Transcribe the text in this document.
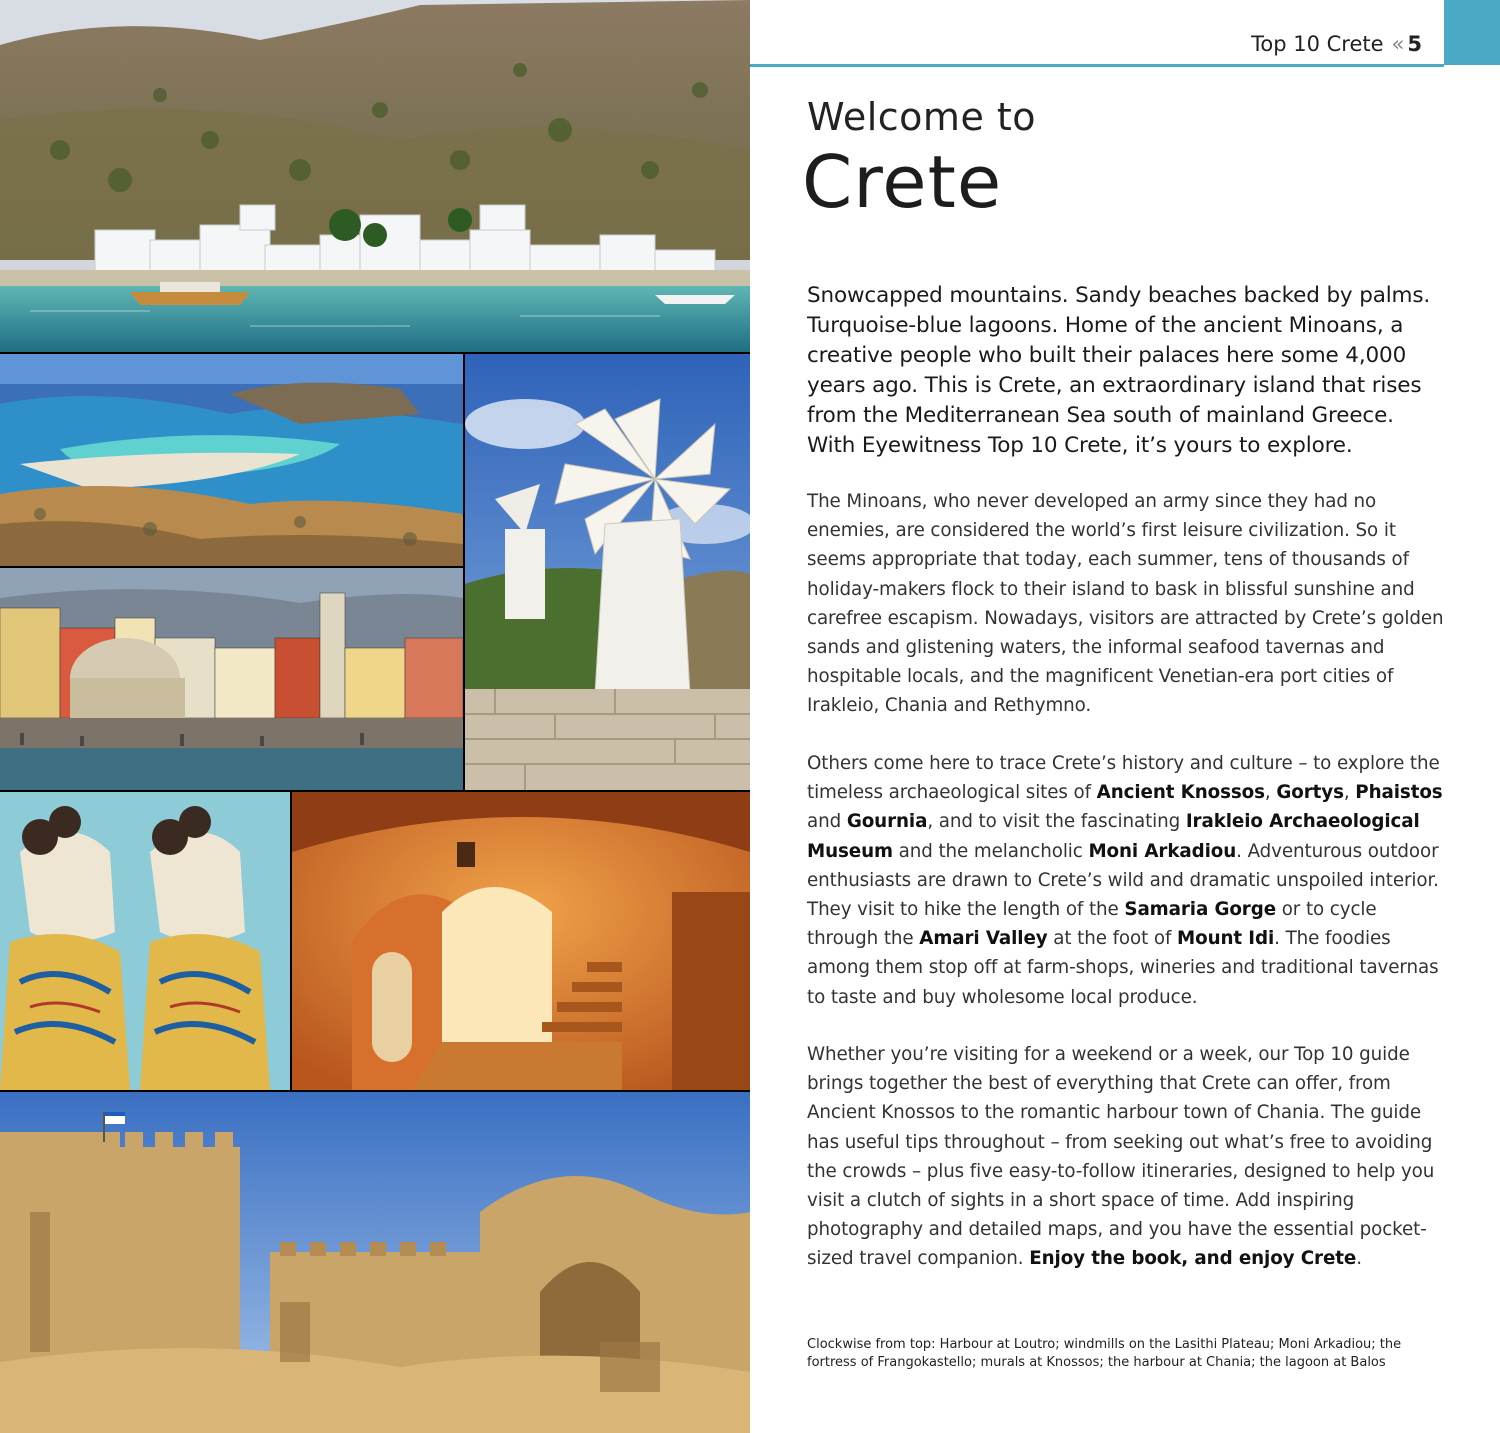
Top 10 Crete « 5
Welcome to
Crete
Snowcapped mountains. Sandy beaches backed by palms. Turquoise-blue lagoons. Home of the ancient Minoans, a creative people who built their palaces here some 4,000 years ago. This is Crete, an extraordinary island that rises from the Mediterranean Sea south of mainland Greece. With Eyewitness Top 10 Crete, it’s yours to explore.
The Minoans, who never developed an army since they had no enemies, are considered the world’s first leisure civilization. So it seems appropriate that today, each summer, tens of thousands of holiday-makers flock to their island to bask in blissful sunshine and carefree escapism. Nowadays, visitors are attracted by Crete’s golden sands and glistening waters, the informal seafood tavernas and hospitable locals, and the magnificent Venetian-era port cities of Irakleio, Chania and Rethymno.
Others come here to trace Crete’s history and culture – to explore the timeless archaeological sites of Ancient Knossos, Gortys, Phaistos and Gournia, and to visit the fascinating Irakleio Archaeological Museum and the melancholic Moni Arkadiou. Adventurous outdoor enthusiasts are drawn to Crete’s wild and dramatic unspoiled interior. They visit to hike the length of the Samaria Gorge or to cycle through the Amari Valley at the foot of Mount Idi. The foodies among them stop off at farm-shops, wineries and traditional tavernas to taste and buy wholesome local produce.
Whether you’re visiting for a weekend or a week, our Top 10 guide brings together the best of everything that Crete can offer, from Ancient Knossos to the romantic harbour town of Chania. The guide has useful tips throughout – from seeking out what’s free to avoiding the crowds – plus five easy-to-follow itineraries, designed to help you visit a clutch of sights in a short space of time. Add inspiring photography and detailed maps, and you have the essential pocket-sized travel companion. Enjoy the book, and enjoy Crete.
Clockwise from top: Harbour at Loutro; windmills on the Lasithi Plateau; Moni Arkadiou; the fortress of Frangokastello; murals at Knossos; the harbour at Chania; the lagoon at Balos
